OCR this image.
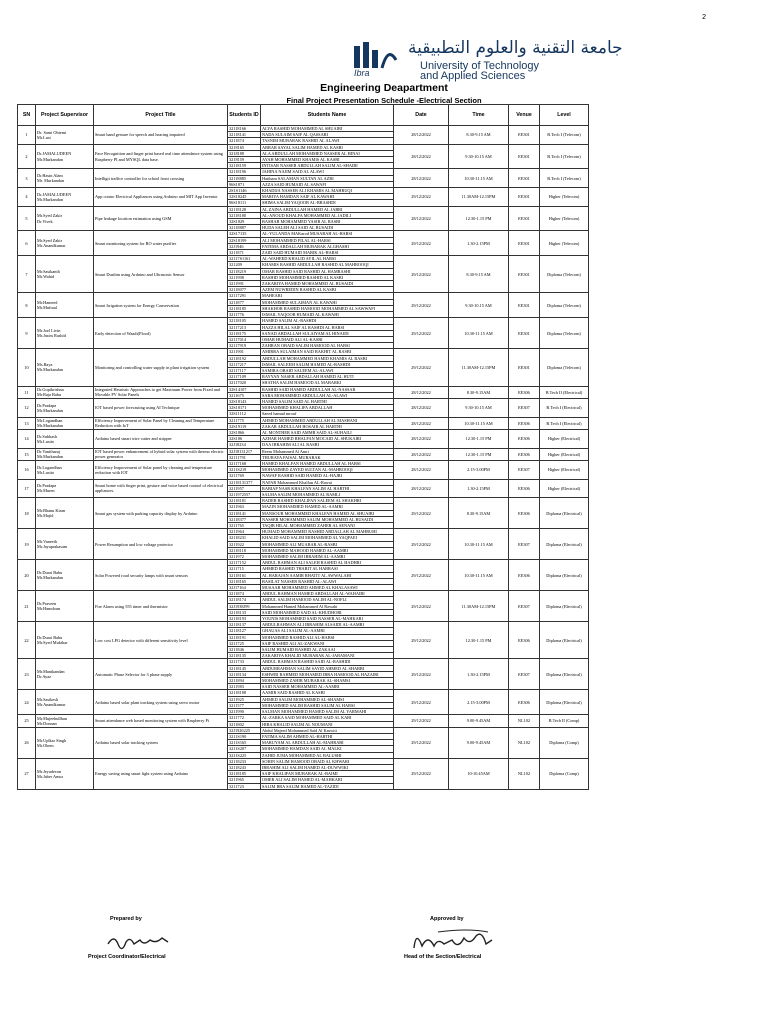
2
Ibra
جامعة التقنية والعلوم التطبيقية
University of Technology
and Applied Sciences
Engineering Deapartment
Final Project Presentation Schedule -Electrical Section
SN	Project Supervisor	Project Title	Students ID	Students Name	Date	Time	Venue	Level
1	Dr. Sami Obiemi
Mr.Lusi	Smart hand gesture for speech and hearing impaired	32118166	ALYA RASHID MOHAMMED AL SHUAIBI	28/12/2022	8.30-9.15 AM	EE301	B.Tech I (Telecom)
			32118141	NADA SULAIM SAIF AL QASSABI				
			3211874	TASNIM MUBARAK RASHID AL ALAWI				
2	Dr.JAMALUDEEN
Mr.Murkandan	Face Recognition and finger print based real time attendance system using Raspberry PI and MYSQL data base.	3218165	ABRAR SAYAL SALIM HAMED AL KASBI	28/12/2022	9.30-10.15 AM	EE301	B.Tech I (Telecom)
			3218188	ALA ABDULLAH MOHAMMED NASSER AL HINAI				
			3218159	AYAH MOHAMMED KHAMIS AL KASBI				
			32118159	INTISAR NASSER ABDULLAH SALIM AL-SHAIBI				
3	Dr.Hasin Alam
Mr. Murkandan	Intelligit traffice controller for school front crossing	32118196	JAHINA NAJIM SAID AL ALAWI	28/12/2022	10.30-11.15 AM	EE301	B.Tech I (Telecom)
			32118885	Haitham SALAMAN SULTAN AL AZRI				
			96S1871	AZZA SAID HUMAID AL SAWAFI				
4	Dr.JAMALUDEEN
Mr.Murkandan	App contro Electrical Appliances using Arduino and MIT App Inventor	2S1S1146	KHADIJA NASSER ALI KHAMIS AL MAHRUQI	29/12/2022	11.30AM-12.15PM	EE301	Higher (Telecom)
			32S18245	MARIYA HAMDAN SAIF AL KAWAHI				
			96S18111	SHIMA SALIM YAQOOB AL-BRASHDI				
5	Mr.Syed Zakir
Dr.Vivek	Pipe leakage location estimation using GSM	32118128	AL ZAINA ABDULLAH HAMED AL JABRI	28/12/2022	12.30-1.15 PM	EE301	Higher (Telecom)
			32118180	AL-ANOUD KHALFA MOHAMMED AL JADILI				
			32S1829	BASHAR MOHAMMED YASIR AL RASBI				
			32118887	HUDA SALEH ALI SAID AL BUSAIDI				
6	Mr.Syed Zakir
Mr.Anandkumar	Smart monitoring system for RO water purifier	32S17135	AL-YULANDA MAKarod MUSABAH AL-HARSI	29/12/2022	1.30-2.15PM	EE301	Higher (Telecom)
			32S18199	ALI MOHAMMED FILAL AL-HARSI				
			32J1946	FATEMA ABDALLAH MUBARAK ALGHASHI				
			3211871	ZAID SAID HUMAID MARIK AL-HARSI				
7	Mr.Sasikanth
Mr.Wahid	Smart Dustbin using Arduino and Ultrasonic Sensor	32117S1161	AL-WAHEED KHALID AYIL AL HARSI	29/12/2022	8.30-9.15 AM	EE301	Diploma (Telecom)
			321209	KHAMIS RASHID ABDULLAH RASHID AL MAHROOQI				
			32118219	OMAR RASHID SAID RASHID AL HAMRASHI				
			3211998	RASHID MOHAMMED RASHID AL KASBI				
			3211991	ZAKARIYA HAMED MOHAMMED AL BUSAIDI				
			32118077	AZEM NUWREDIN RASHID AL KASBI				
8	Mr.Hameed
Mr.Mufraal	Smart Irrigation system for Energy Conservation	32117291	MAHEARI	29/12/2022	9.30-10.15 AM	EE301	Diploma (Telecom)
			3211877	MOHAMMED SULAIMAN AL KAWAHI				
			32118185	SHAKHOR RASHID HAMOOD MOHAMMED AL SAWWAFI				
			3211776	ISMAIL YAQOOB HUMAID AL KAWAHI				
9	Mr.Joel Livin
Mr.Jasim Rashid	Early detection of Waadi(Flood)	32118105	HAMED SALIM AL-RASHDI	29/12/2022	10.30-11.15 AM	EE301	Diploma (Telecom)
			32117213	HAZZA HILAL SAIF AL RASHDI AL HARSI				
			32118175	SANAD ABDALLAH SULAIYAM AL HINAIDI				
			32117014	OMAR HUMAID ALI AL-KASBI				
			32117919	ZAHRAN OBAID SALIM HAMOOD AL HABSI				
10	Ms.Raya
Mr.Murkandan	Monitoring and controlling water supply in plant irrigation system	3211901	AMIRRA SULAIMAN SAID BAKHIT AL RASBI	29/12/2022	11.30AM-12.15PM	EE301	Diploma (Telecom)
			32118192	ABDULLAH MOHAMMED HAMID KHAMIS AL RASBI				
			32117217	ISMAIL SALEEM SALIM HAMED AL-RASHDI				
			32117117	SAMIRA OBAID SALEEM AL-ALAWI				
			32117109	RAYYAN NASER ABDALLAH HAMED AL HUTI				
			32117020	SHATHA SALIM HAMOOD AL MABARKI				
11	Dr.Gopikrishna
Mr.Raja Babu	Integrated Heuristic Approaches to get Maximum Power from Fixed and Movable PV Solar Panels	32S14107	RASHID SAID HAMED ABDULLAH AL-NASSAR	28/12/2022	8.30-9.15AM	EE306	B.Tech II (Electrical)
			3211675	SARA MOHAMMED ABDULLAH AL-ALAWI				
12	Dr.Pradapa
Mr.Murkandan	IOT based power forecasting using AI Technique	32S18143	HAMED SALIM SAID AL HARTHI	28/12/2022	9.30-10.15 AM	EE307	B.Tech I (Electrical)
			32S18171	MOHAMMED KHALIFA ABDALLAH				
			32S11112	Saeed hamad mrouf				
13	Mr.Logandhan
Mr.Murkandan	Efficiency Improvement of Solar Panel by Cleaning and Temperature Reduction with IoT	3211775	AHMED MOHAMMED ABDULLAH AL MASHANI	28/12/2022	10.30-11.15 AM	EE306	B.Tech I (Electrical)
			32S19119	ZAKAR ABDULLAH HOSAIR AL HARTHI				
14	Dr.Subhash
Mr.Lusito	Arduino based smart wire cutter and stripper	32S1866	AL MONTHER SAID AMMR SAID AL-SUHAILI	28/12/2022	12.30-1.15 PM	EE306	Higher (Electrical)
			32S186	AZHAR HAMED RHALFAN MOCAID AL SHUKAIRI				
			32J18234	DAA IBRAHIM ALI AL RASBI				
15	Dr.Vanitharaj
Mr.Murkandan	IOT based power enhancement of hybrid solar system with thermo electric power generator	32J18131217	Reem Mohammed Al Amri	28/12/2022	12.30-1.15 PM	EE306	Higher (Electrical)
			32111791	THURAYA FAISAL MUBARAK				
16	Dr.Logandhan
Mr.Lusito	Efficiency Improvement of Solar panel by cleaning and temperature reduction with IOT	32117168	HAMED KHALFAN HAMED ABDULLAH AL HABSI	28/12/2022	2.15-3.00PM	EE307	Higher (Electrical)
			3211S219	MOHAMMED ZAYED SULTAN AL-MAHROOQI				
			3211769	NAWAF RASHID SAID HAMED AL-HAJRI				
17	Dr.Pradapa
Mr.Muren	Smart home with finger print, gesture and voice based control of electrical appliances.	32118131377	NAFAR Mohammed Khalfan AL-Rawai	28/12/2022	1.30-2.15PM	EE306	Higher (Electrical)
			3211957	RABIAP NASR KHALFAN SALIM AL HARTHI				
			3211972557	SALMA SALIM MOHAMMED AL RAMLI				
18	Mr.Bhanu Kiran
Mr.Majid	Smart gas system with parking capacity display by Arduino	32118181	BADER RASHID KHALIFAN SALEEM AL SHAKHRI	29/12/2022	8.30-9.15AM	EE306	Diploma (Electrical)
			3211963	MAZIN MOHAMMED HAMED AL-AAMRI				
			32118141	MANSOUR MOHAMMED KHALFAN HAMED AL SHUAIBI				
			32118377	NASSER MOHAMMED SALIM MOHAMMED AL BUSAIDI				
			3211765	TAQIB HILAL MOHAMMED ZAHER AL SENANI				
19	Mr.Vaneeth
Mr.Jayaprakasam	Power Resumption and low voltage protector	3211964	HUMAID MOHAMMED RASHID ABDALLAH AL MAHRUHI	29/12/2022	10.30-11.15 AM	EE307	Diploma (Electrical)
			32118231	KHALID SAID SALIM MOHAMMED AL YAQFAEI				
			3211922	MOHAMMED ALI MUABAR AL-RASBI				
			32118118	MOHAMMED MAHOOD HAMED AL-AAMRI				
			3211972	MOHAMMED SALIM IBRAHIM AL-AAMRI				
20	Dr.Durai Babu
Mr.Murkandan	Solar Powered road security lamps with smart sensors	32117152	ABDUL RAHMAN ALI SALEH RASHID AL HADHRI	29/12/2022	10.30-11.15 AM	EE306	Diploma (Electrical)
			3211715	AHMED RASHID THABIT AL HARRASI				
			32118161	AL HARAJAN AAMIR RHATIT AL AWWALAHI				
			32118165	BASILAT NASSER RASHID AL-ALAWI				
			32J17164	MUSAAB MOHAMMED AHMED AL KHALASAWI				
21	Dr.Praveen
Mr.Hamdoun	Fire Alarm using 555 timer and thermistor	3211874	ABDUL RAHMAN HAMED ABDALLAH AL-WAHAIBI	29/12/2022	11.30AM-12.15PM	EE307	Diploma (Electrical)
			32118174	ABDUL SALIM HAMOOD SALIM AL-NOFLI				
			32J1938J99	Mohammed Hamed Mohammed Al Rawahi				
			32118133	SAID MOHAMMED SAID AL-KHUDHORI				
			32118193	YOUNIS MOHAMMED SAID NASSER AL-MAHKARI				
22	Dr.Durai Babu
Mr.Syed Mukthar	Low cost LPG detector with different sensitivity level	32118137	ABDULRAHMAN ALI IBRAHIM ALSAIDI AL-AAMRI	29/12/2022	12.30-1.15 PM	EE306	Diploma (Electrical)
			32118127	GHAUAS ALI SALIM AL-AAMRI				
			32118191	MOHAMMED RASHID ALI AL-HABSI				
			3211725	SAIF RASHID ALI AL-ZAKWANI				
			3211846	SALIM HUMAID RASHID AL ZAKAAI				
			32118135	ZAKARIYA KHALID MUBARAK AL-JABAMANI				
23	Mr.Manikandan
Dr.Ayaz	Automatic Phase Selector for 3 phase supply	3211733	ABDUL RAHMAN RASHID SAID AL-RASHIDI	29/12/2022	1.30-2.15PM	EE307	Diploma (Electrical)
			32118145	ABDURRAHMAN SALIM SAYID AHMED AL SHABBI				
			32118134	ESHWRI RAHMED MOHAMED IBRA HAMOOD AL HAZAIRI				
			3211894	MOHAMMED ZAHIR MUBARAK AL-SHAMSI				
			3211983	SAID NASSER MOHAMMED AL-AAMRI				
24	Mr.Sasikesh
Mr.Anandkumar	Arduino based solar plant tracking system using servo motor	32118188	AAMIR SAID RASHID AL KASBI	29/12/2022	2.15-3.00PM	EE306	Diploma (Electrical)
			3211925	AHMED SALIM MOHAMMED AL-SHAMSI				
			3211577	MOHAMMED SALIM RASHID SALIM AL HARSI				
			3211990	SALMAN MOHAMMED HAMED SALIM AL YARMAHI				
25	Mr.Mujeebullhan
Mr.Donnan	Smart attendance web based monitoring system with Raspberry Pi	3211772	AL-ZARKA SAID MOHAMMED SAID AL KABI	29/12/2022	9.00-9.45AM	NL102	B.Tech II (Comp)
			3211802	HIBA KHALID SALIM AL NOUMANI				
26	Mr.Uplkar Singh
Mr.Okem	Arduino based solar tracking system	32J1926225	Abdul Majeed Mohammed Said Al Kaswiti	29/12/2022	9.00-9.45AM	NL102	Diploma (Comp)
			3211S190	FATIMA SALIM AHMED AL-HARTHI				
			3211S165	MARUYAM AL ABDULLAH AL-MAHRABI				
			3211S207	MOHAMMED HAMDAN SAID AL MALKI				
			3211S225	ZAHID JUMA MOHAMMED AL BALUSHI				
27	Mr.Jeyadevan
Mr.Jaber Amur	Energy saving using smart light system using Arduino	32118233	SOHIN SALIM HAMOOD OBAID AL KHWARI	29/12/2022	10-10.45AM	NL102	Diploma (Comp)
			32118243	IBRAHIM ALI SALIM HAMED AL-DUWWIKI				
			32118185	SAIF KHALIFAN MUBARAK AL-BAIMI				
			3211965	OMER ALI SALIM HAMED AL-MAHKARI				
			3211723	SALIM BRA SALIM HAMED AL-YAZIDI				
Prepared by
Project Coordinator/Electrical
Approved by
Head of the Section/Electrical
